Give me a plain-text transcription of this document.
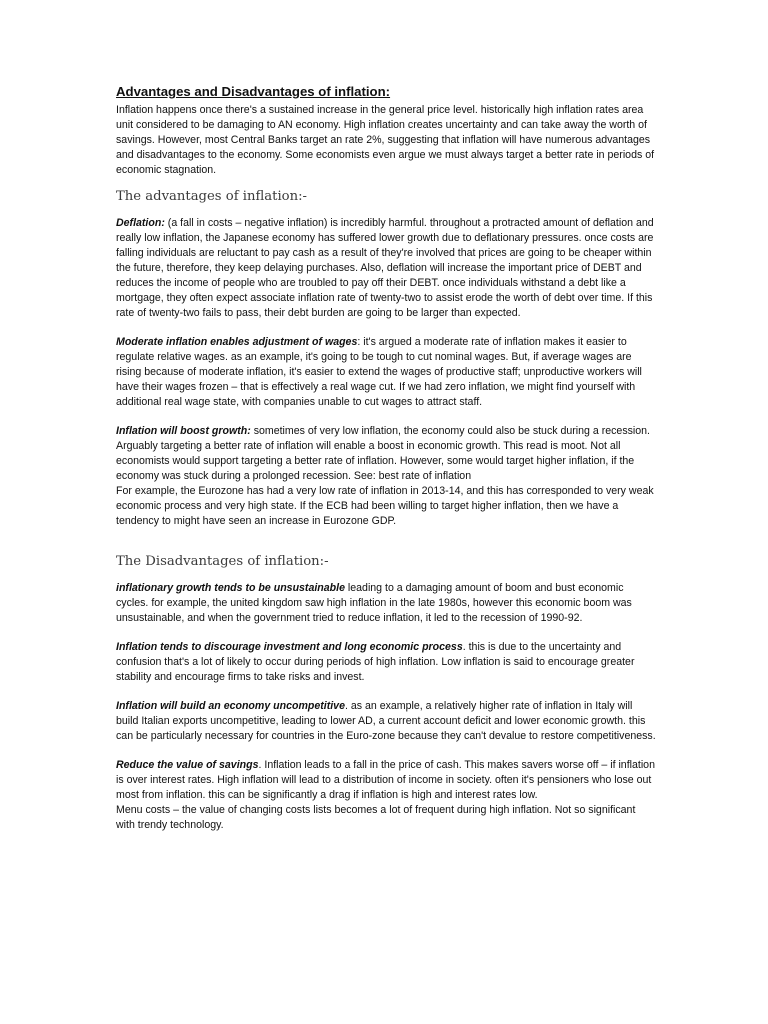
Advantages and Disadvantages of inflation:

Inflation happens once there's a sustained increase in the general price level. historically high inflation rates area unit considered to be damaging to AN economy. High inflation creates uncertainty and can take away the worth of savings. However, most Central Banks target an rate 2%, suggesting that inflation will have numerous advantages and disadvantages to the economy. Some economists even argue we must always target a better rate in periods of economic stagnation.

The advantages of inflation:-

Deflation: (a fall in costs – negative inflation) is incredibly harmful. throughout a protracted amount of deflation and really low inflation, the Japanese economy has suffered lower growth due to deflationary pressures. once costs are falling individuals are reluctant to pay cash as a result of they're involved that prices are going to be cheaper within the future, therefore, they keep delaying purchases. Also, deflation will increase the important price of DEBT and reduces the income of people who are troubled to pay off their DEBT. once individuals withstand a debt like a mortgage, they often expect associate inflation rate of twenty-two to assist erode the worth of debt over time. If this rate of twenty-two fails to pass, their debt burden are going to be larger than expected.

Moderate inflation enables adjustment of wages: it's argued a moderate rate of inflation makes it easier to regulate relative wages. as an example, it's going to be tough to cut nominal wages. But, if average wages are rising because of moderate inflation, it's easier to extend the wages of productive staff; unproductive workers will have their wages frozen – that is effectively a real wage cut. If we had zero inflation, we might find yourself with additional real wage state, with companies unable to cut wages to attract staff.

Inflation will boost growth: sometimes of very low inflation, the economy could also be stuck during a recession. Arguably targeting a better rate of inflation will enable a boost in economic growth. This read is moot. Not all economists would support targeting a better rate of inflation. However, some would target higher inflation, if the economy was stuck during a prolonged recession. See: best rate of inflation

For example, the Eurozone has had a very low rate of inflation in 2013-14, and this has corresponded to very weak economic process and very high state. If the ECB had been willing to target higher inflation, then we have a tendency to might have seen an increase in Eurozone GDP.

The Disadvantages of inflation:-

inflationary growth tends to be unsustainable leading to a damaging amount of boom and bust economic cycles. for example, the united kingdom saw high inflation in the late 1980s, however this economic boom was unsustainable, and when the government tried to reduce inflation, it led to the recession of 1990-92.

Inflation tends to discourage investment and long economic process. this is due to the uncertainty and confusion that's a lot of likely to occur during periods of high inflation. Low inflation is said to encourage greater stability and encourage firms to take risks and invest.

Inflation will build an economy uncompetitive. as an example, a relatively higher rate of inflation in Italy will build Italian exports uncompetitive, leading to lower AD, a current account deficit and lower economic growth. this can be particularly necessary for countries in the Euro-zone because they can't devalue to restore competitiveness.

Reduce the value of savings. Inflation leads to a fall in the price of cash. This makes savers worse off – if inflation is over interest rates. High inflation will lead to a distribution of income in society. often it's pensioners who lose out most from inflation. this can be significantly a drag if inflation is high and interest rates low.

Menu costs – the value of changing costs lists becomes a lot of frequent during high inflation. Not so significant with trendy technology.
